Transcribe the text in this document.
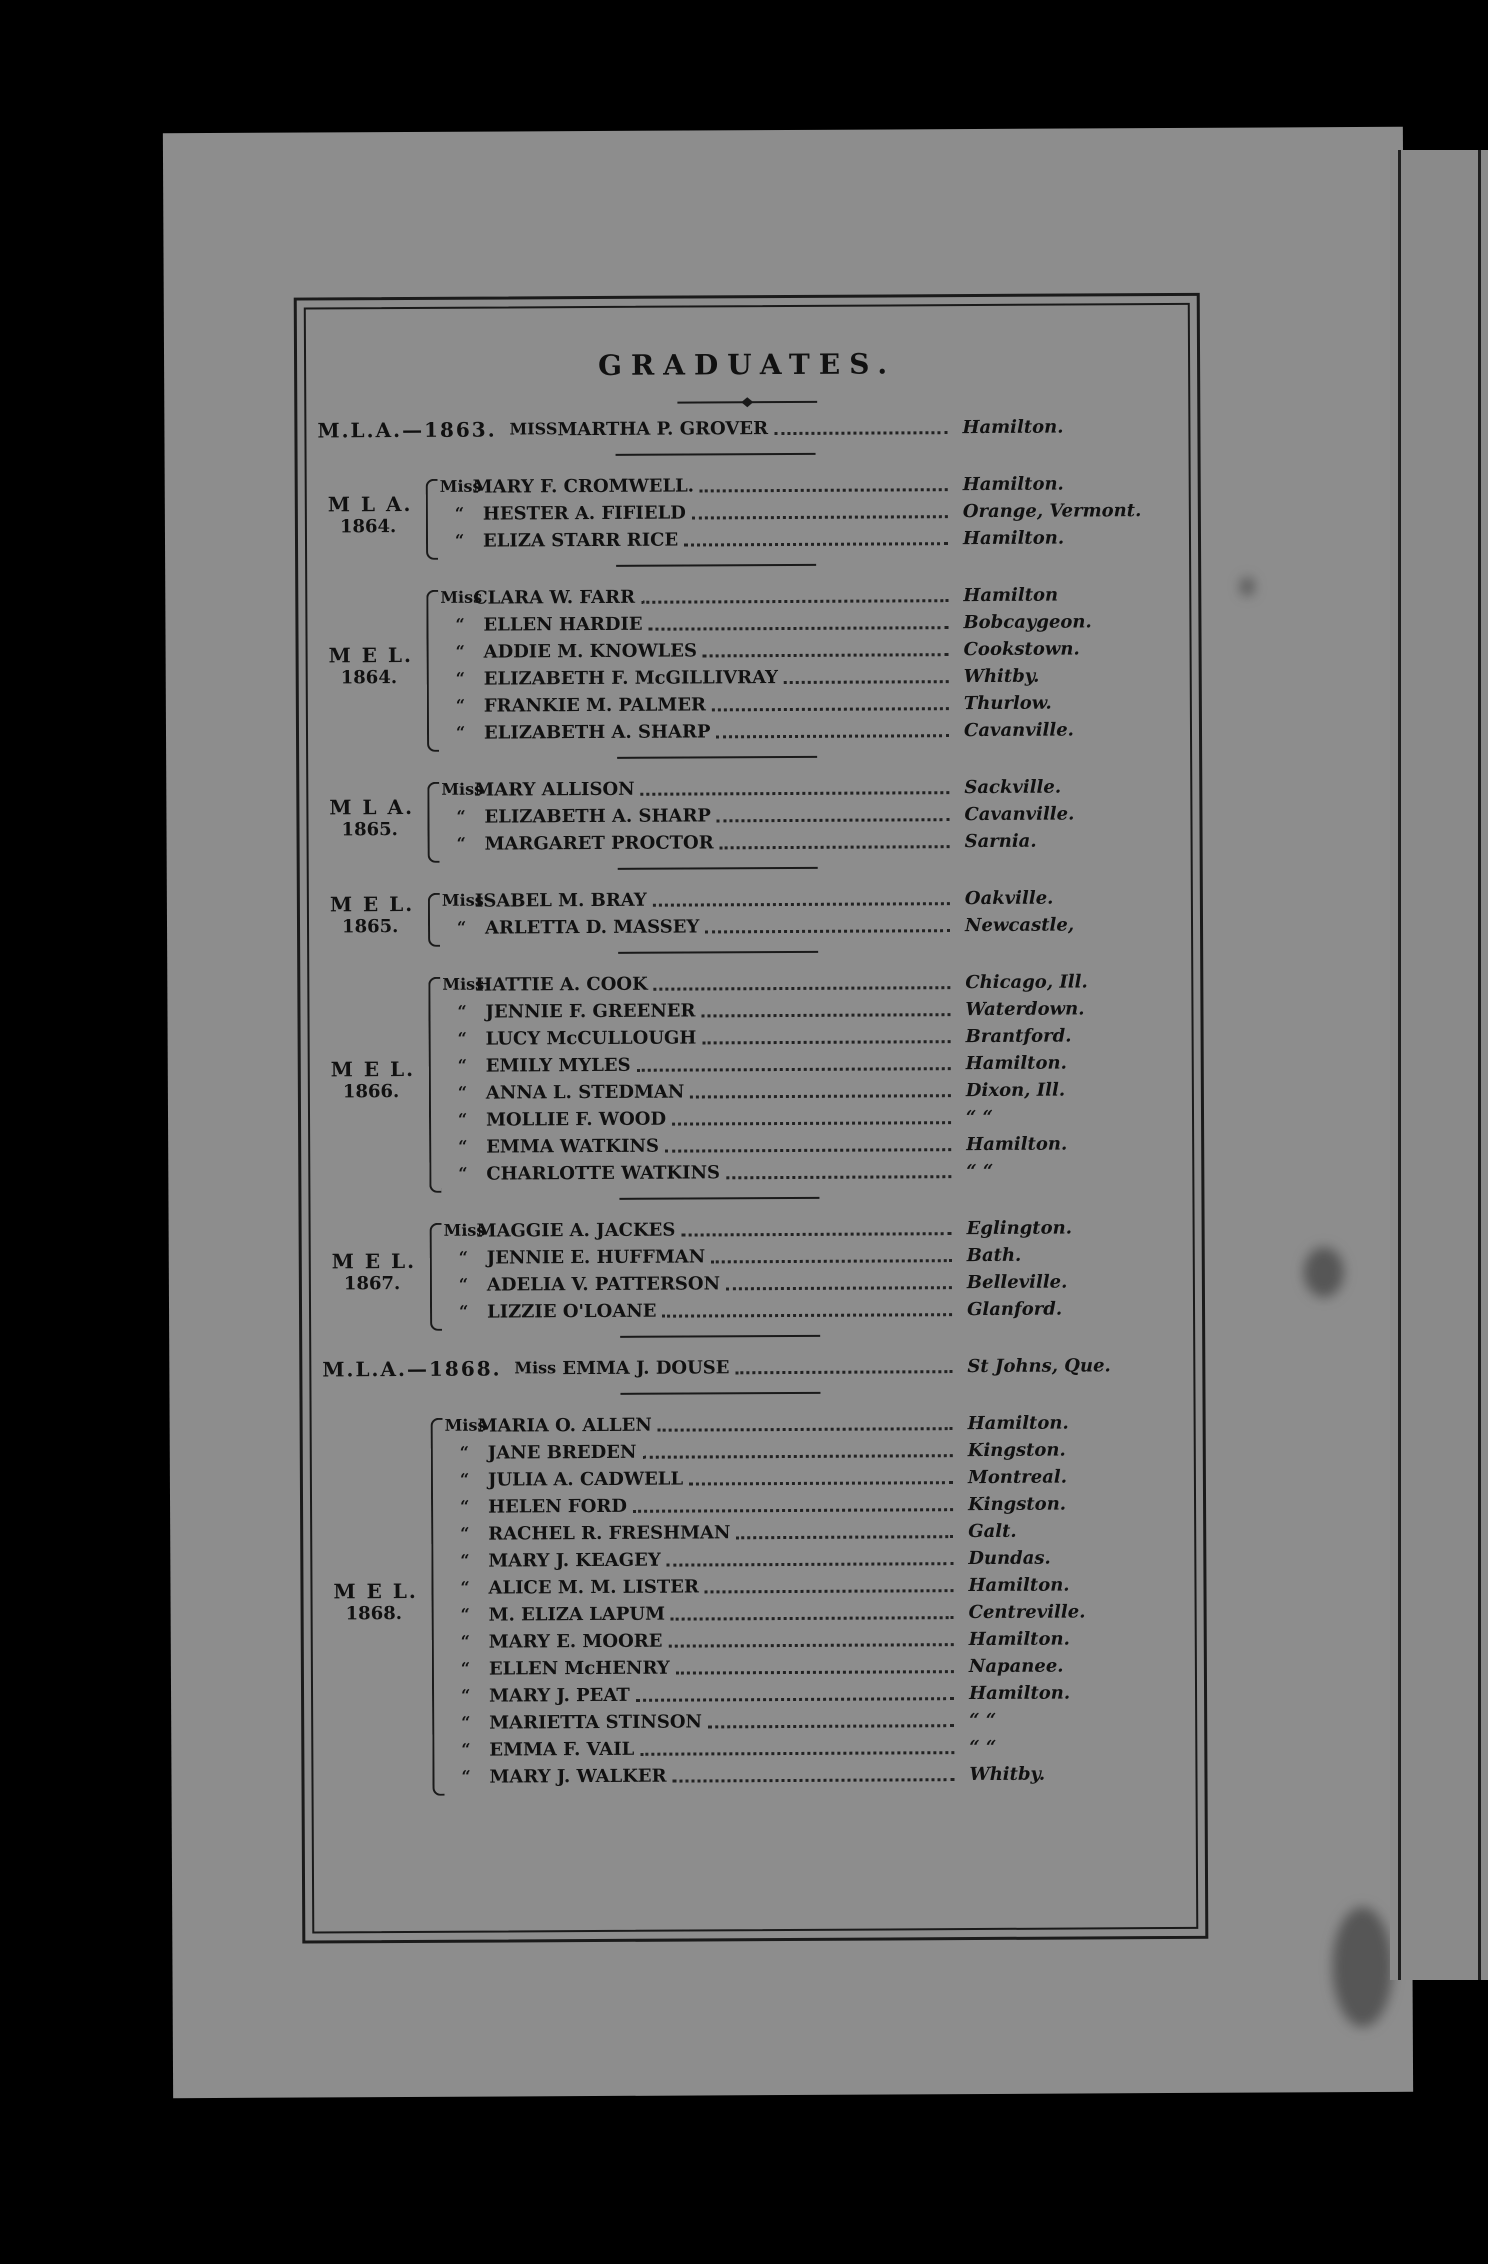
GRADUATES.
M.L.A.—1863. MISS MARTHA P. GROVER	Hamilton.
M L A.
1864.
Miss
MARY F. CROMWELL.	Hamilton.
“ HESTER A. FIFIELD	Orange, Vermont.
“ ELIZA STARR RICE	Hamilton.
M E L.
1864.
Miss
CLARA W. FARR	Hamilton
“ ELLEN HARDIE	Bobcaygeon.
“ ADDIE M. KNOWLES	Cookstown.
“ ELIZABETH F. McGILLIVRAY	Whitby.
“ FRANKIE M. PALMER	Thurlow.
“ ELIZABETH A. SHARP	Cavanville.
M L A.
1865.
Miss
MARY ALLISON	Sackville.
“ ELIZABETH A. SHARP	Cavanville.
“ MARGARET PROCTOR	Sarnia.
M E L.
1865.
Miss
ISABEL M. BRAY	Oakville.
“ ARLETTA D. MASSEY	Newcastle,
M E L.
1866.
Miss
HATTIE A. COOK	Chicago, Ill.
“ JENNIE F. GREENER	Waterdown.
“ LUCY McCULLOUGH	Brantford.
“ EMILY MYLES	Hamilton.
“ ANNA L. STEDMAN	Dixon, Ill.
“ MOLLIE F. WOOD	“ “
“ EMMA WATKINS	Hamilton.
“ CHARLOTTE WATKINS	“ “
M E L.
1867.
Miss
MAGGIE A. JACKES	Eglington.
“ JENNIE E. HUFFMAN	Bath.
“ ADELIA V. PATTERSON	Belleville.
“ LIZZIE O'LOANE	Glanford.
M.L.A.—1868. Miss EMMA J. DOUSE	St Johns, Que.
M E L.
1868.
Miss
MARIA O. ALLEN	Hamilton.
“ JANE BREDEN	Kingston.
“ JULIA A. CADWELL	Montreal.
“ HELEN FORD	Kingston.
“ RACHEL R. FRESHMAN	Galt.
“ MARY J. KEAGEY	Dundas.
“ ALICE M. M. LISTER	Hamilton.
“ M. ELIZA LAPUM	Centreville.
“ MARY E. MOORE	Hamilton.
“ ELLEN McHENRY	Napanee.
“ MARY J. PEAT	Hamilton.
“ MARIETTA STINSON	“ “
“ EMMA F. VAIL	“ “
“ MARY J. WALKER	Whitby.
